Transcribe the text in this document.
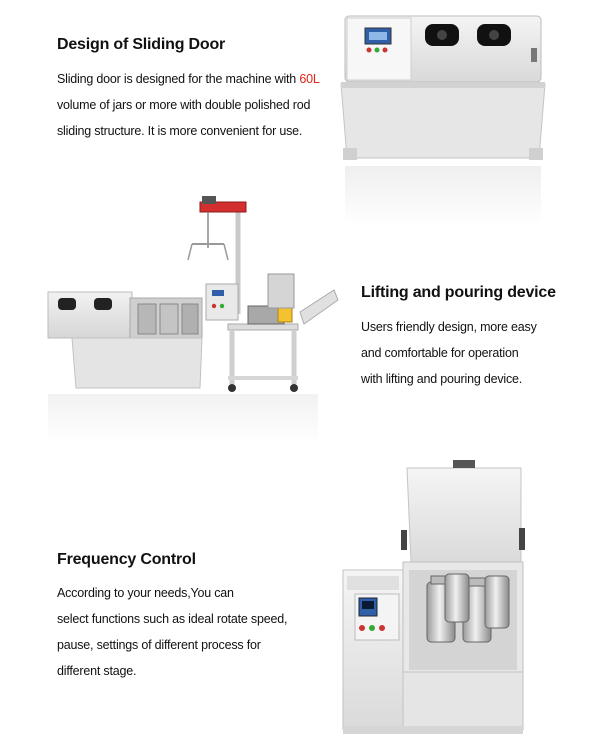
Design of Sliding Door
Sliding door is designed for the machine with 60L
volume of jars or more with double polished rod
sliding structure. It is more convenient for use.
Lifting and pouring device
Users friendly design, more easy
and comfortable for operation
with lifting and pouring device.
Frequency Control
According to your needs,You can
select functions such as ideal rotate speed,
pause, settings of different process for
different stage.
